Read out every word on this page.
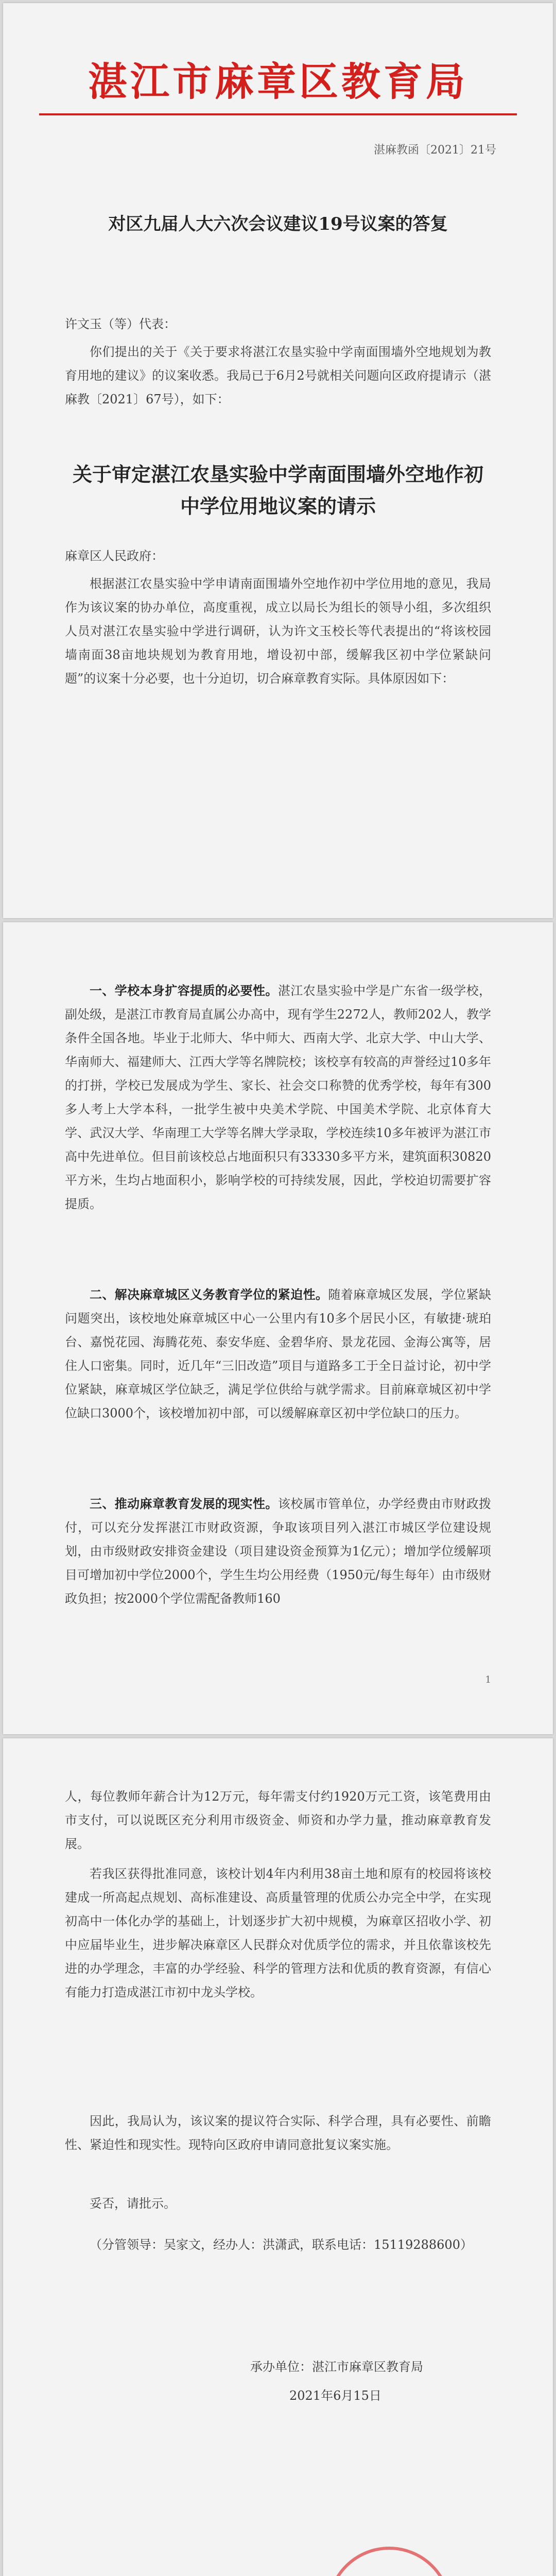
湛江市麻章区教育局
湛麻教函〔2021〕21号
对区九届人大六次会议建议19号议案的答复
许文玉（等）代表：
你们提出的关于《关于要求将湛江农垦实验中学南面围墙外空地规划为教育用地的建议》的议案收悉。我局已于6月2号就相关问题向区政府提请示（湛麻教〔2021〕67号），如下：
关于审定湛江农垦实验中学南面围墙外空地作初中学位用地议案的请示
麻章区人民政府：
根据湛江农垦实验中学申请南面围墙外空地作初中学位用地的意见，我局作为该议案的协办单位，高度重视，成立以局长为组长的领导小组，多次组织人员对湛江农垦实验中学进行调研，认为许文玉校长等代表提出的“将该校园墙南面38亩地块规划为教育用地，增设初中部，缓解我区初中学位紧缺问题”的议案十分必要，也十分迫切，切合麻章教育实际。具体原因如下：
一、学校本身扩容提质的必要性。湛江农垦实验中学是广东省一级学校，副处级，是湛江市教育局直属公办高中，现有学生2272人，教师202人，教学条件全国各地。毕业于北师大、华中师大、西南大学、北京大学、中山大学、华南师大、福建师大、江西大学等名牌院校；该校享有较高的声誉经过10多年的打拼，学校已发展成为学生、家长、社会交口称赞的优秀学校，每年有300多人考上大学本科，一批学生被中央美术学院、中国美术学院、北京体育大学、武汉大学、华南理工大学等名牌大学录取，学校连续10多年被评为湛江市高中先进单位。但目前该校总占地面积只有33330多平方米，建筑面积30820平方米，生均占地面积小，影响学校的可持续发展，因此，学校迫切需要扩容提质。
二、解决麻章城区义务教育学位的紧迫性。随着麻章城区发展，学位紧缺问题突出，该校地处麻章城区中心一公里内有10多个居民小区，有敏捷·琥珀台、嘉悦花园、海腾花苑、泰安华庭、金碧华府、景龙花园、金海公寓等，居住人口密集。同时，近几年“三旧改造”项目与道路多工于全日益讨论，初中学位紧缺，麻章城区学位缺乏，满足学位供给与就学需求。目前麻章城区初中学位缺口3000个，该校增加初中部，可以缓解麻章区初中学位缺口的压力。
三、推动麻章教育发展的现实性。该校属市管单位，办学经费由市财政拨付，可以充分发挥湛江市财政资源，争取该项目列入湛江市城区学位建设规划，由市级财政安排资金建设（项目建设资金预算为1亿元）；增加学位缓解项目可增加初中学位2000个，学生生均公用经费（1950元/每生每年）由市级财政负担；按2000个学位需配备教师160
1
人，每位教师年薪合计为12万元，每年需支付约1920万元工资，该笔费用由市支付，可以说既区充分利用市级资金、师资和办学力量，推动麻章教育发展。
若我区获得批准同意，该校计划4年内利用38亩土地和原有的校园将该校建成一所高起点规划、高标准建设、高质量管理的优质公办完全中学，在实现初高中一体化办学的基础上，计划逐步扩大初中规模，为麻章区招收小学、初中应届毕业生，进步解决麻章区人民群众对优质学位的需求，并且依靠该校先进的办学理念，丰富的办学经验、科学的管理方法和优质的教育资源，有信心有能力打造成湛江市初中龙头学校。
因此，我局认为，该议案的提议符合实际、科学合理，具有必要性、前瞻性、紧迫性和现实性。现特向区政府申请同意批复议案实施。
妥否，请批示。
（分管领导：吴家文，经办人：洪潇武，联系电话：15119288600）
承办单位：湛江市麻章区教育局
2021年6月15日
